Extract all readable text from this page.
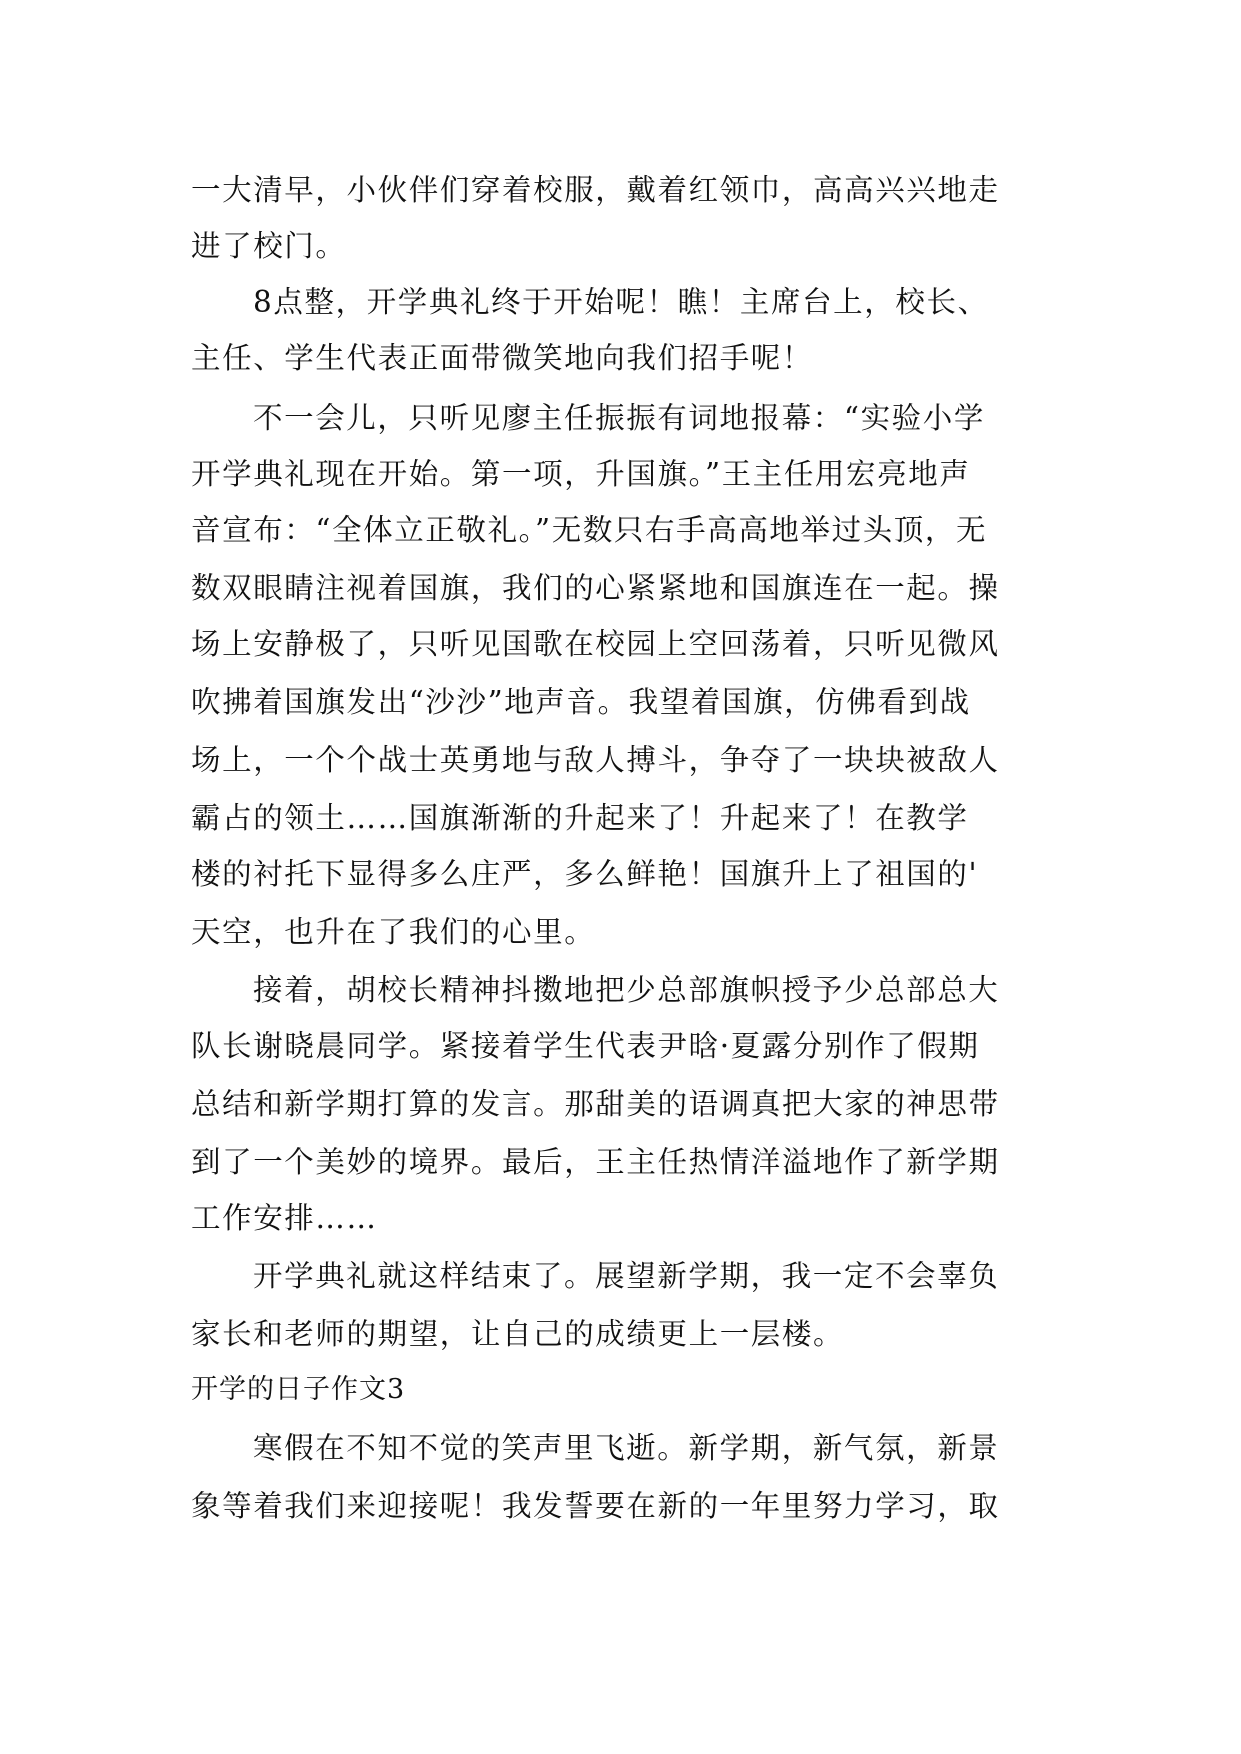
一大清早，小伙伴们穿着校服，戴着红领巾，高高兴兴地走
进了校门。
8点整，开学典礼终于开始呢！瞧！主席台上，校长、
主任、学生代表正面带微笑地向我们招手呢！
不一会儿，只听见廖主任振振有词地报幕：“实验小学
开学典礼现在开始。第一项，升国旗。”王主任用宏亮地声
音宣布：“全体立正敬礼。”无数只右手高高地举过头顶，无
数双眼睛注视着国旗，我们的心紧紧地和国旗连在一起。操
场上安静极了，只听见国歌在校园上空回荡着，只听见微风
吹拂着国旗发出“沙沙”地声音。我望着国旗，仿佛看到战
场上，一个个战士英勇地与敌人搏斗，争夺了一块块被敌人
霸占的领土……国旗渐渐的升起来了！升起来了！在教学
楼的衬托下显得多么庄严，多么鲜艳！国旗升上了祖国的'
天空，也升在了我们的心里。
接着，胡校长精神抖擞地把少总部旗帜授予少总部总大
队长谢晓晨同学。紧接着学生代表尹晗·夏露分别作了假期
总结和新学期打算的发言。那甜美的语调真把大家的神思带
到了一个美妙的境界。最后，王主任热情洋溢地作了新学期
工作安排……
开学典礼就这样结束了。展望新学期，我一定不会辜负
家长和老师的期望，让自己的成绩更上一层楼。
开学的日子作文3
寒假在不知不觉的笑声里飞逝。新学期，新气氛，新景
象等着我们来迎接呢！我发誓要在新的一年里努力学习，取
